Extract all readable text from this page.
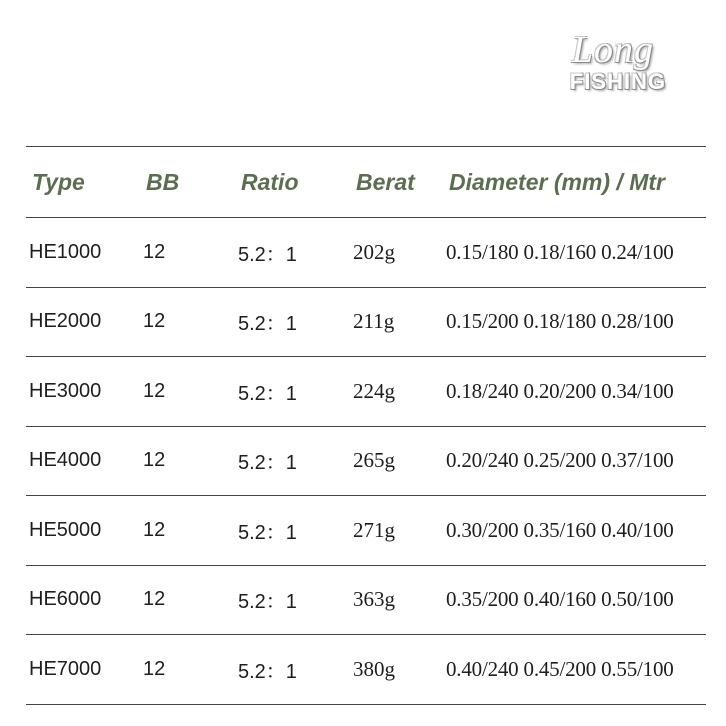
Long
FISHING
Type	BB	Ratio	Berat	Diameter (mm) / Mtr
HE1000	12	5.2：1	202g	0.15/180 0.18/160 0.24/100
HE2000	12	5.2：1	211g	0.15/200 0.18/180 0.28/100
HE3000	12	5.2：1	224g	0.18/240 0.20/200 0.34/100
HE4000	12	5.2：1	265g	0.20/240 0.25/200 0.37/100
HE5000	12	5.2：1	271g	0.30/200 0.35/160 0.40/100
HE6000	12	5.2：1	363g	0.35/200 0.40/160 0.50/100
HE7000	12	5.2：1	380g	0.40/240 0.45/200 0.55/100
